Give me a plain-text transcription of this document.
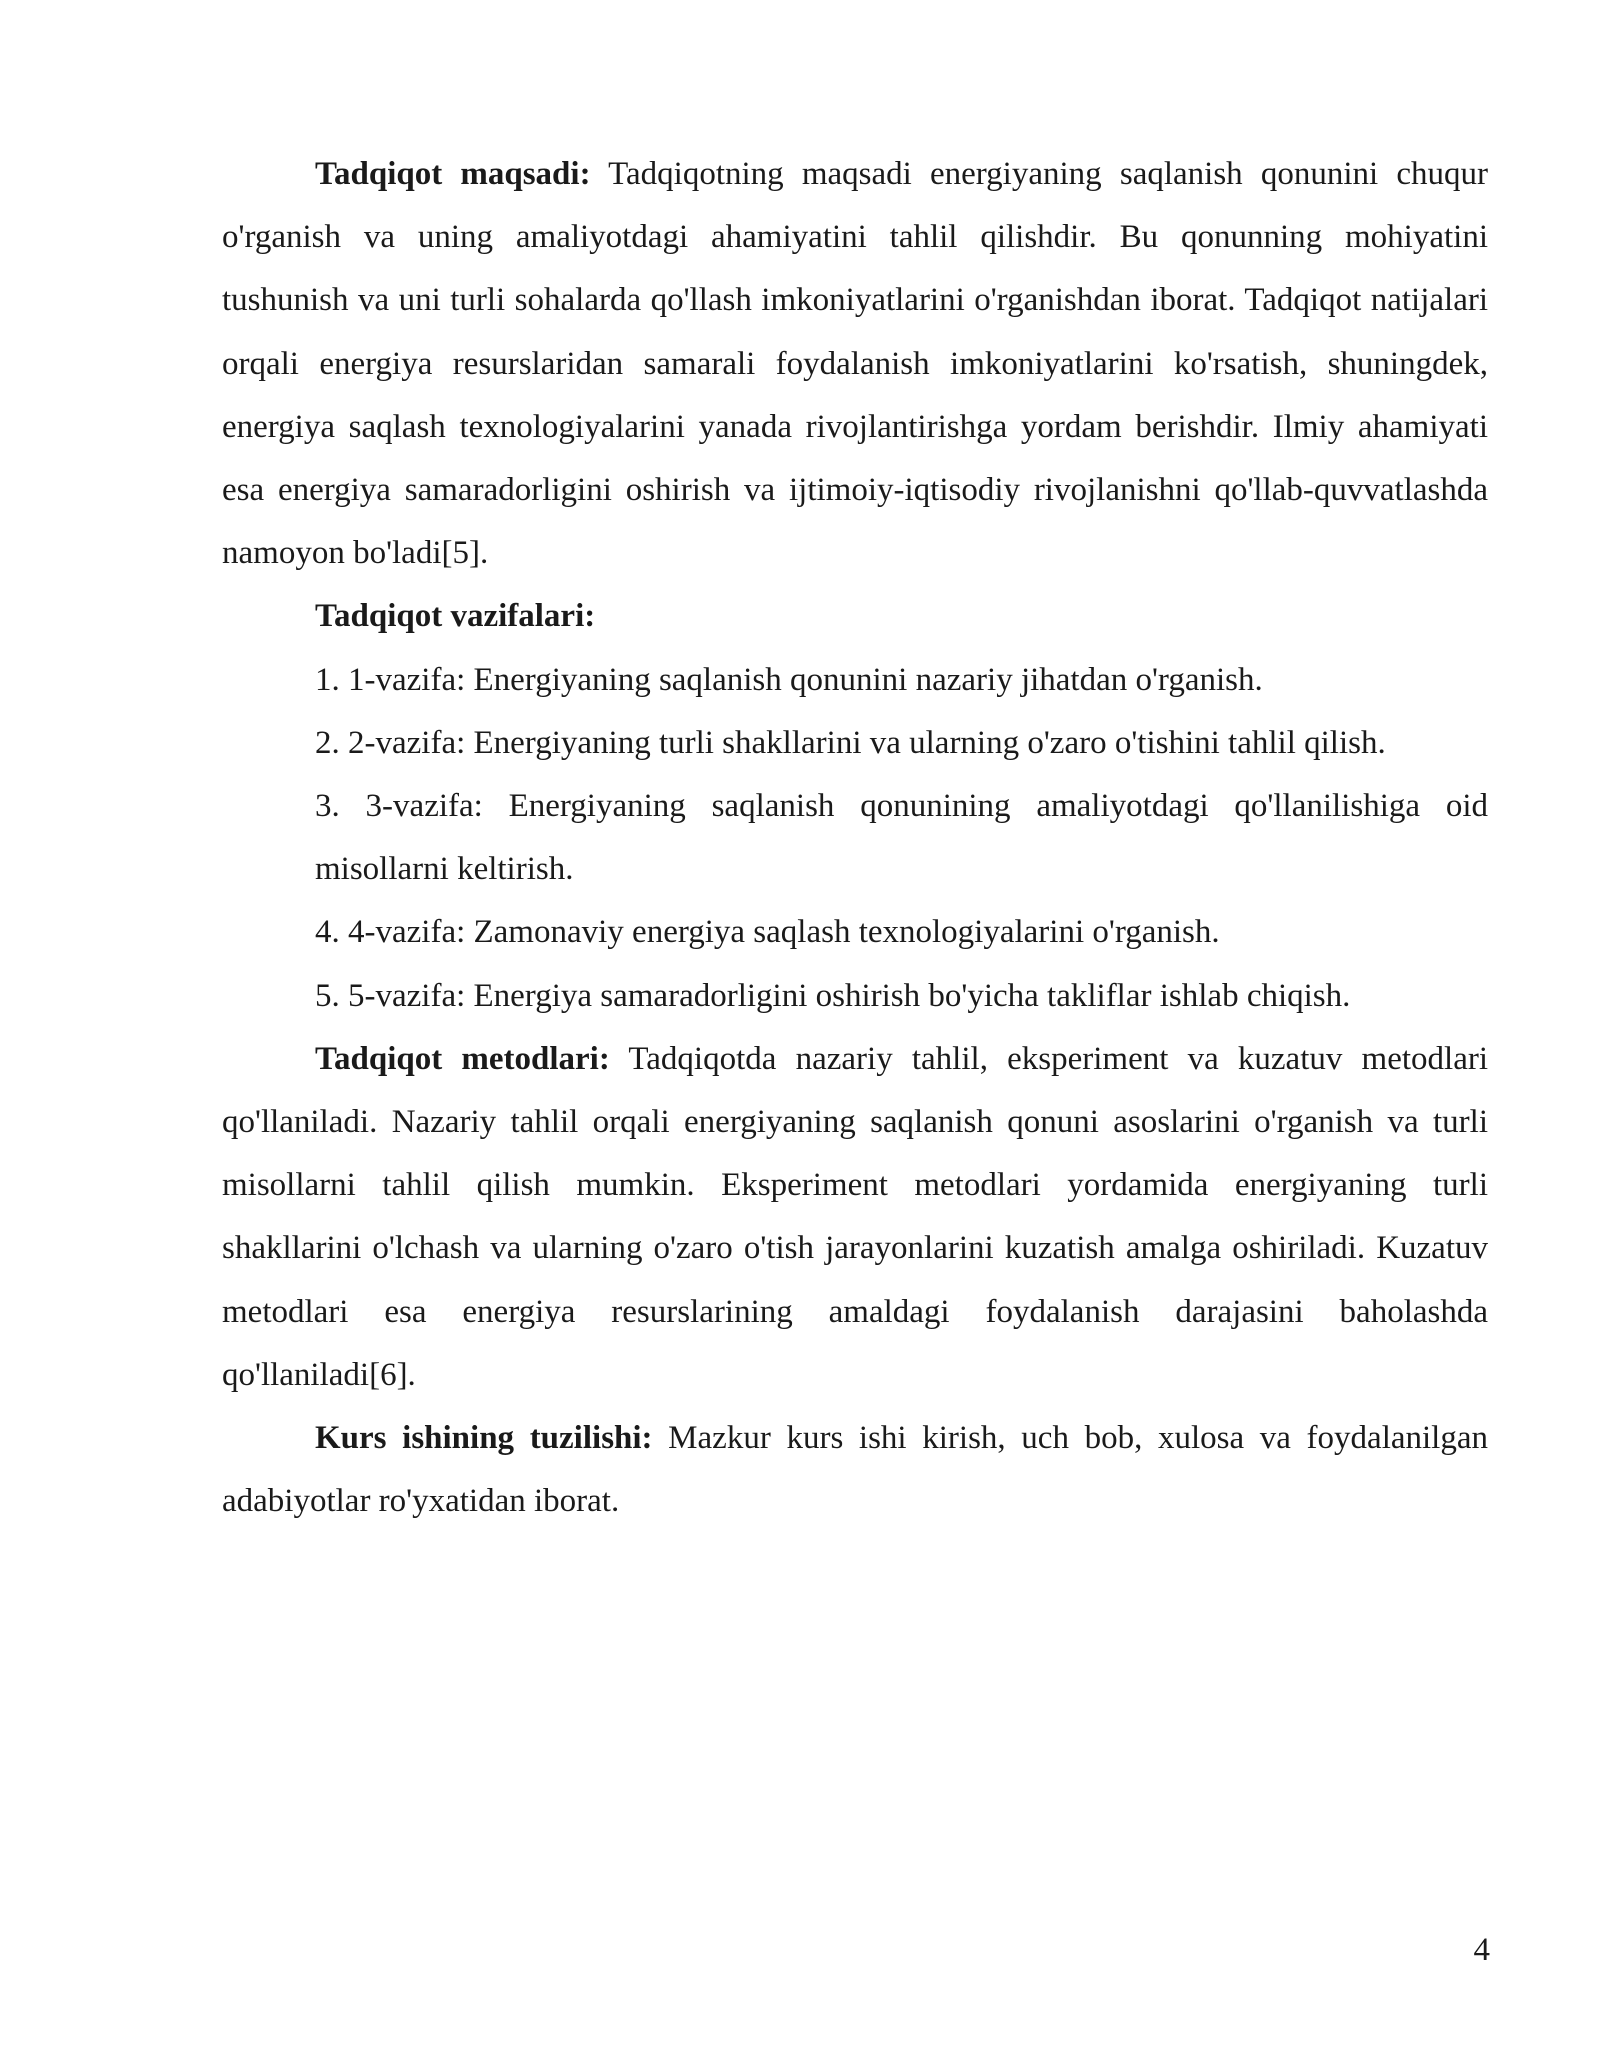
Tadqiqot maqsadi: Tadqiqotning maqsadi energiyaning saqlanish qonunini chuqur o'rganish va uning amaliyotdagi ahamiyatini tahlil qilishdir. Bu qonunning mohiyatini tushunish va uni turli sohalarda qo'llash imkoniyatlarini o'rganishdan iborat. Tadqiqot natijalari orqali energiya resurslaridan samarali foydalanish imkoniyatlarini ko'rsatish, shuningdek, energiya saqlash texnologiyalarini yanada rivojlantirishga yordam berishdir. Ilmiy ahamiyati esa energiya samaradorligini oshirish va ijtimoiy-iqtisodiy rivojlanishni qo'llab-quvvatlashda namoyon bo'ladi[5].

Tadqiqot vazifalari:

1. 1-vazifa: Energiyaning saqlanish qonunini nazariy jihatdan o'rganish.
2. 2-vazifa: Energiyaning turli shakllarini va ularning o'zaro o'tishini tahlil qilish.
3. 3-vazifa: Energiyaning saqlanish qonunining amaliyotdagi qo'llanilishiga oid misollarni keltirish.
4. 4-vazifa: Zamonaviy energiya saqlash texnologiyalarini o'rganish.
5. 5-vazifa: Energiya samaradorligini oshirish bo'yicha takliflar ishlab chiqish.

Tadqiqot metodlari: Tadqiqotda nazariy tahlil, eksperiment va kuzatuv metodlari qo'llaniladi. Nazariy tahlil orqali energiyaning saqlanish qonuni asoslarini o'rganish va turli misollarni tahlil qilish mumkin. Eksperiment metodlari yordamida energiyaning turli shakllarini o'lchash va ularning o'zaro o'tish jarayonlarini kuzatish amalga oshiriladi. Kuzatuv metodlari esa energiya resurslarining amaldagi foydalanish darajasini baholashda qo'llaniladi[6].

Kurs ishining tuzilishi: Mazkur kurs ishi kirish, uch bob, xulosa va foydalanilgan adabiyotlar ro'yxatidan iborat.

4
